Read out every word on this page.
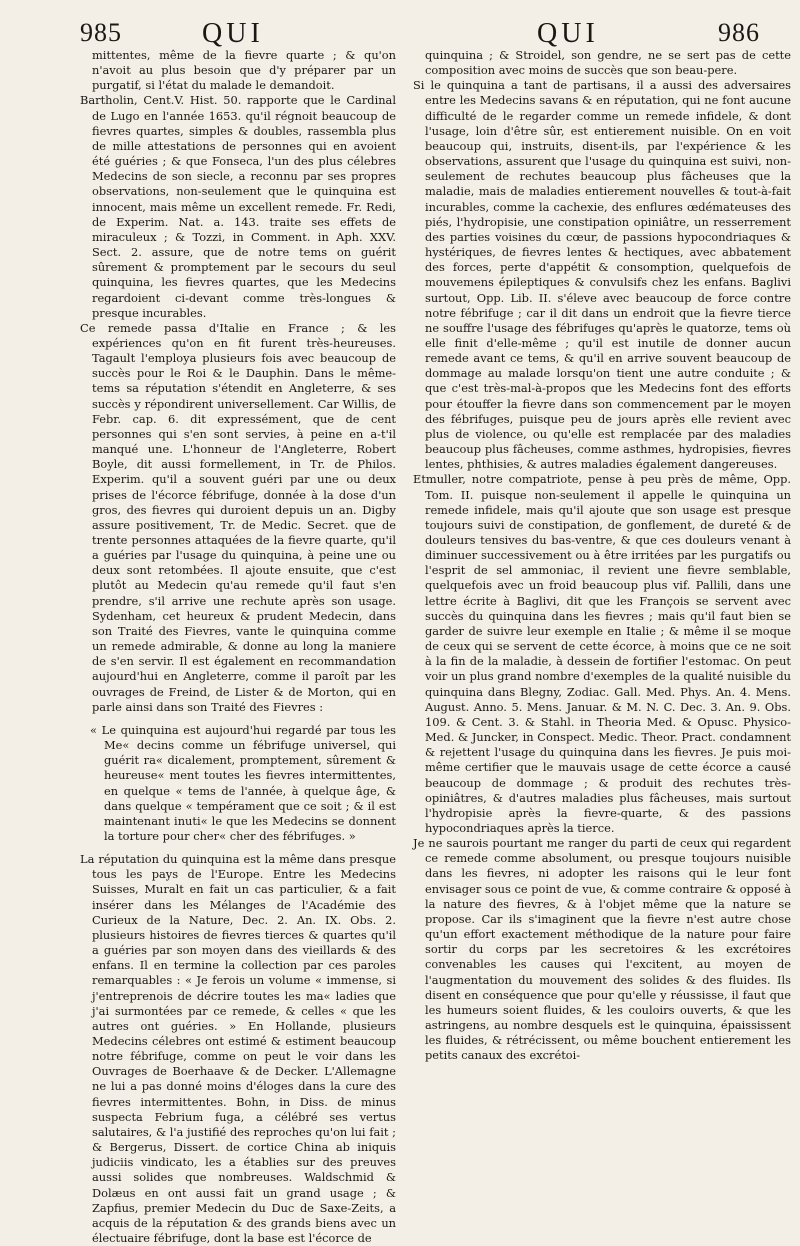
985	QUI	QUI	986

mittentes, même de la fievre quarte ; & qu'on n'avoit au plus besoin que d'y préparer par un purgatif, si l'état du malade le demandoit.

Bartholin, Cent.V. Hist. 50. rapporte que le Cardinal de Lugo en l'année 1653. qu'il régnoit beaucoup de fievres quartes, simples & doubles, rassembla plus de mille attestations de personnes qui en avoient été guéries ; & que Fonseca, l'un des plus célebres Medecins de son siecle, a reconnu par ses propres observations, non-seulement que le quinquina est innocent, mais même un excellent remede. Fr. Redi, de Experim. Nat. a. 143. traite ses effets de miraculeux ; & Tozzi, in Comment. in Aph. XXV. Sect. 2. assure, que de notre tems on guérit sûrement & promptement par le secours du seul quinquina, les fievres quartes, que les Medecins regardoient ci-devant comme très-longues & presque incurables.

Ce remede passa d'Italie en France ; & les expériences qu'on en fit furent très-heureuses. Tagault l'employa plusieurs fois avec beaucoup de succès pour le Roi & le Dauphin. Dans le même-tems sa réputation s'étendit en Angleterre, & ses succès y répondirent universellement. Car Willis, de Febr. cap. 6. dit expressément, que de cent personnes qui s'en sont servies, à peine en a-t'il manqué une. L'honneur de l'Angleterre, Robert Boyle, dit aussi formellement, in Tr. de Philos. Experim. qu'il a souvent guéri par une ou deux prises de l'écorce fébrifuge, donnée à la dose d'un gros, des fievres qui duroient depuis un an. Digby assure positivement, Tr. de Medic. Secret. que de trente personnes attaquées de la fievre quarte, qu'il a guéries par l'usage du quinquina, à peine une ou deux sont retombées. Il ajoute ensuite, que c'est plutôt au Medecin qu'au remede qu'il faut s'en prendre, s'il arrive une rechute après son usage. Sydenham, cet heureux & prudent Medecin, dans son Traité des Fievres, vante le quinquina comme un remede admirable, & donne au long la maniere de s'en servir. Il est également en recommandation aujourd'hui en Angleterre, comme il paroît par les ouvrages de Freind, de Lister & de Morton, qui en parle ainsi dans son Traité des Fievres :

« Le quinquina est aujourd'hui regardé par tous les Me« decins comme un fébrifuge universel, qui guérit ra« dicalement, promptement, sûrement & heureuse« ment toutes les fievres intermittentes, en quelque « tems de l'année, à quelque âge, & dans quelque « tempérament que ce soit ; & il est maintenant inuti« le que les Medecins se donnent la torture pour cher« cher des fébrifuges. »

La réputation du quinquina est la même dans presque tous les pays de l'Europe. Entre les Medecins Suisses, Muralt en fait un cas particulier, & a fait insérer dans les Mélanges de l'Académie des Curieux de la Nature, Dec. 2. An. IX. Obs. 2. plusieurs histoires de fievres tierces & quartes qu'il a guéries par son moyen dans des vieillards & des enfans. Il en termine la collection par ces paroles remarquables : « Je ferois un volume « immense, si j'entreprenois de décrire toutes les ma« ladies que j'ai surmontées par ce remede, & celles « que les autres ont guéries. » En Hollande, plusieurs Medecins célebres ont estimé & estiment beaucoup notre fébrifuge, comme on peut le voir dans les Ouvrages de Boerhaave & de Decker. L'Allemagne ne lui a pas donné moins d'éloges dans la cure des fievres intermittentes. Bohn, in Diss. de minus suspecta Febrium fuga, a célébré ses vertus salutaires, & l'a justifié des reproches qu'on lui fait ; & Bergerus, Dissert. de cortice China ab iniquis judiciis vindicato, les a établies sur des preuves aussi solides que nombreuses. Waldschmid & Dolæus en ont aussi fait un grand usage ; & Zapfius, premier Medecin du Duc de Saxe-Zeits, a acquis de la réputation & des grands biens avec un électuaire fébrifuge, dont la base est l'écorce de

quinquina ; & Stroidel, son gendre, ne se sert pas de cette composition avec moins de succès que son beau-pere.

Si le quinquina a tant de partisans, il a aussi des adversaires entre les Medecins savans & en réputation, qui ne font aucune difficulté de le regarder comme un remede infidele, & dont l'usage, loin d'être sûr, est entierement nuisible. On en voit beaucoup qui, instruits, disent-ils, par l'expérience & les observations, assurent que l'usage du quinquina est suivi, non-seulement de rechutes beaucoup plus fâcheuses que la maladie, mais de maladies entierement nouvelles & tout-à-fait incurables, comme la cachexie, des enflures œdémateuses des piés, l'hydropisie, une constipation opiniâtre, un resserrement des parties voisines du cœur, de passions hypocondriaques & hystériques, de fievres lentes & hectiques, avec abbatement des forces, perte d'appétit & consomption, quelquefois de mouvemens épileptiques & convulsifs chez les enfans. Baglivi surtout, Opp. Lib. II. s'éleve avec beaucoup de force contre notre fébrifuge ; car il dit dans un endroit que la fievre tierce ne souffre l'usage des fébrifuges qu'après le quatorze, tems où elle finit d'elle-même ; qu'il est inutile de donner aucun remede avant ce tems, & qu'il en arrive souvent beaucoup de dommage au malade lorsqu'on tient une autre conduite ; & que c'est très-mal-à-propos que les Medecins font des efforts pour étouffer la fievre dans son commencement par le moyen des fébrifuges, puisque peu de jours après elle revient avec plus de violence, ou qu'elle est remplacée par des maladies beaucoup plus fâcheuses, comme asthmes, hydropisies, fievres lentes, phthisies, & autres maladies également dangereuses.

Etmuller, notre compatriote, pense à peu près de même, Opp. Tom. II. puisque non-seulement il appelle le quinquina un remede infidele, mais qu'il ajoute que son usage est presque toujours suivi de constipation, de gonflement, de dureté & de douleurs tensives du bas-ventre, & que ces douleurs venant à diminuer successivement ou à être irritées par les purgatifs ou l'esprit de sel ammoniac, il revient une fievre semblable, quelquefois avec un froid beaucoup plus vif. Pallili, dans une lettre écrite à Baglivi, dit que les François se servent avec succès du quinquina dans les fievres ; mais qu'il faut bien se garder de suivre leur exemple en Italie ; & même il se moque de ceux qui se servent de cette écorce, à moins que ce ne soit à la fin de la maladie, à dessein de fortifier l'estomac. On peut voir un plus grand nombre d'exemples de la qualité nuisible du quinquina dans Blegny, Zodiac. Gall. Med. Phys. An. 4. Mens. August. Anno. 5. Mens. Januar. & M. N. C. Dec. 3. An. 9. Obs. 109. & Cent. 3. & Stahl. in Theoria Med. & Opusc. Physico-Med. & Juncker, in Conspect. Medic. Theor. Pract. condamnent & rejettent l'usage du quinquina dans les fievres. Je puis moi-même certifier que le mauvais usage de cette écorce a causé beaucoup de dommage ; & produit des rechutes très-opiniâtres, & d'autres maladies plus fâcheuses, mais surtout l'hydropisie après la fievre-quarte, & des passions hypocondriaques après la tierce.

Je ne saurois pourtant me ranger du parti de ceux qui regardent ce remede comme absolument, ou presque toujours nuisible dans les fievres, ni adopter les raisons qui le leur font envisager sous ce point de vue, & comme contraire & opposé à la nature des fievres, & à l'objet même que la nature se propose. Car ils s'imaginent que la fievre n'est autre chose qu'un effort exactement méthodique de la nature pour faire sortir du corps par les secretoires & les excrétoires convenables les causes qui l'excitent, au moyen de l'augmentation du mouvement des solides & des fluides. Ils disent en conséquence que pour qu'elle y réussisse, il faut que les humeurs soient fluides, & les couloirs ouverts, & que les astringens, au nombre desquels est le quinquina, épaississent les fluides, & rétrécissent, ou même bouchent entierement les petits canaux des excrétoi-
